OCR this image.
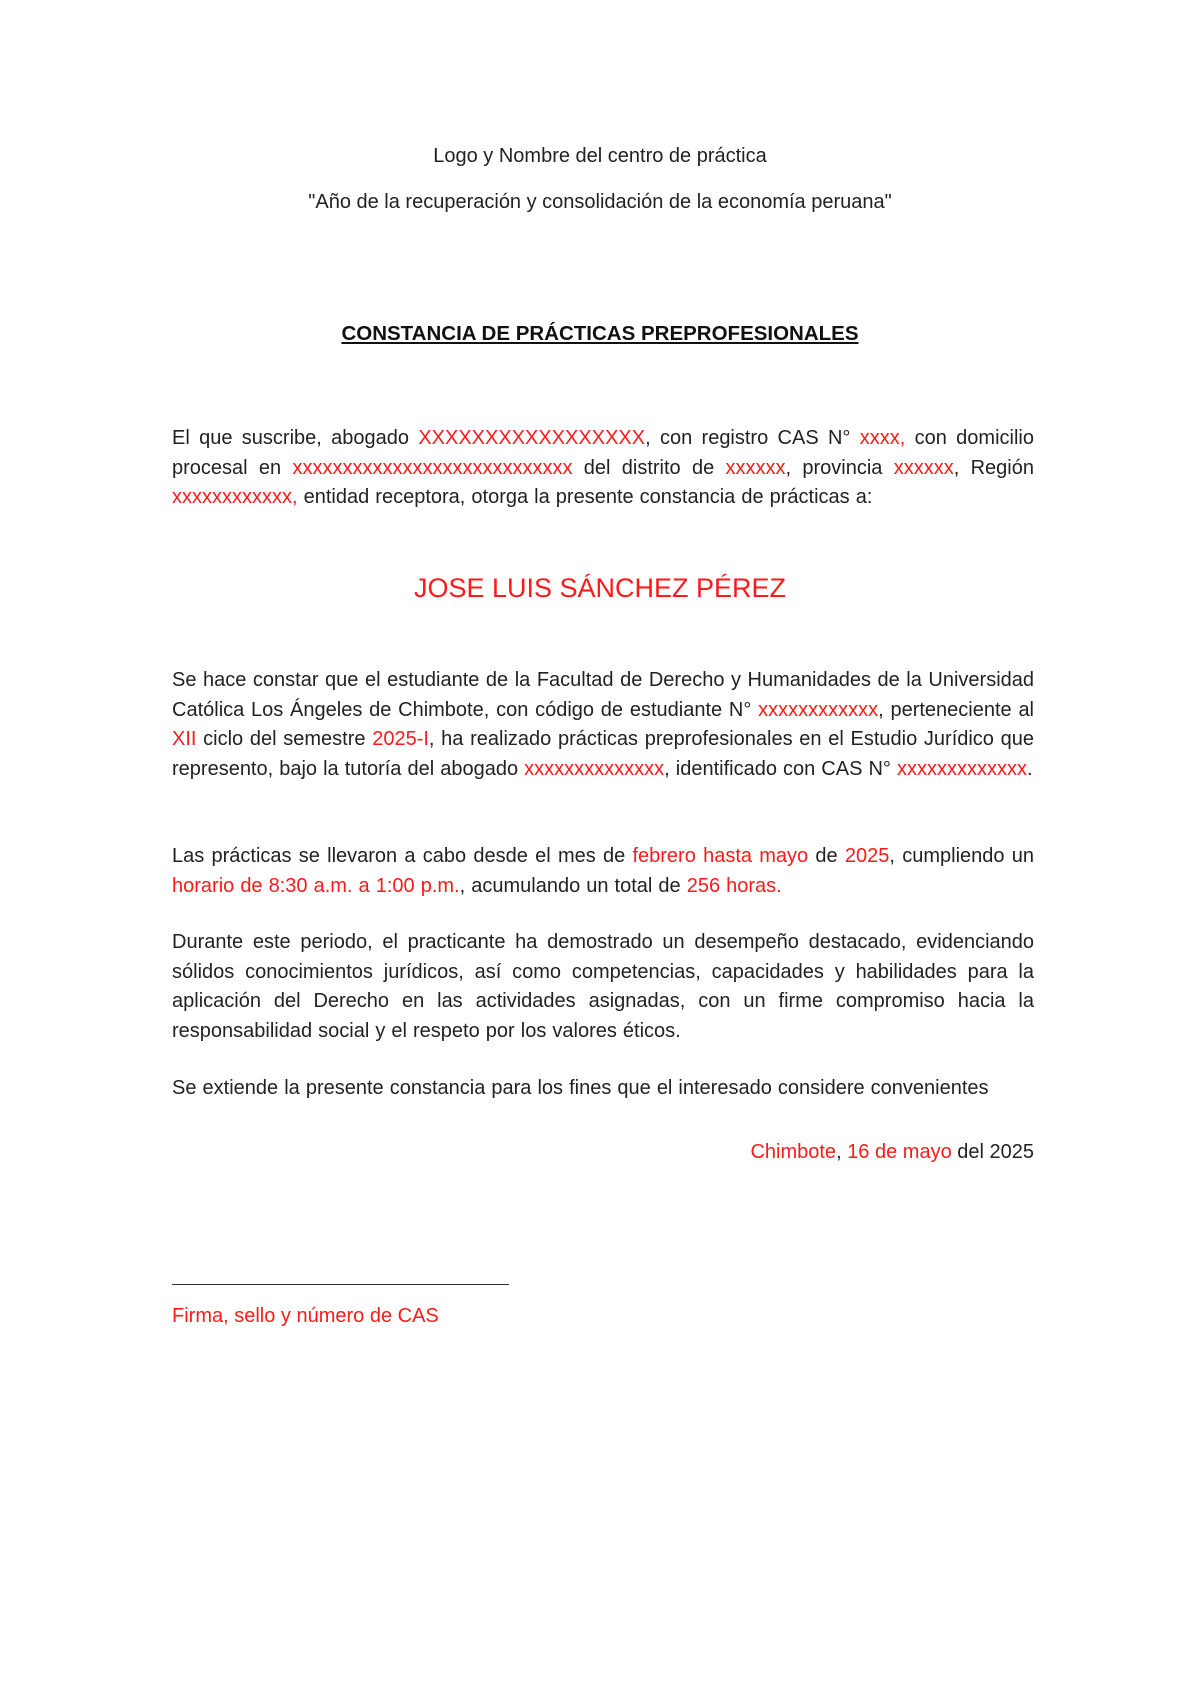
Logo y Nombre del centro de práctica

"Año de la recuperación y consolidación de la economía peruana"

CONSTANCIA DE PRÁCTICAS PREPROFESIONALES

El que suscribe, abogado XXXXXXXXXXXXXXXXX, con registro CAS N° xxxx, con domicilio procesal en xxxxxxxxxxxxxxxxxxxxxxxxxxxx del distrito de xxxxxx, provincia xxxxxx, Región xxxxxxxxxxxx, entidad receptora, otorga la presente constancia de prácticas a:

JOSE LUIS SÁNCHEZ PÉREZ

Se hace constar que el estudiante de la Facultad de Derecho y Humanidades de la Universidad Católica Los Ángeles de Chimbote, con código de estudiante N° xxxxxxxxxxxx, perteneciente al XII ciclo del semestre 2025-I, ha realizado prácticas preprofesionales en el Estudio Jurídico que represento, bajo la tutoría del abogado xxxxxxxxxxxxxx, identificado con CAS N° xxxxxxxxxxxxx.

Las prácticas se llevaron a cabo desde el mes de febrero hasta mayo de 2025, cumpliendo un horario de 8:30 a.m. a 1:00 p.m., acumulando un total de 256 horas.

Durante este periodo, el practicante ha demostrado un desempeño destacado, evidenciando sólidos conocimientos jurídicos, así como competencias, capacidades y habilidades para la aplicación del Derecho en las actividades asignadas, con un firme compromiso hacia la responsabilidad social y el respeto por los valores éticos.

Se extiende la presente constancia para los fines que el interesado considere convenientes

Chimbote, 16 de mayo del 2025

Firma, sello y número de CAS
